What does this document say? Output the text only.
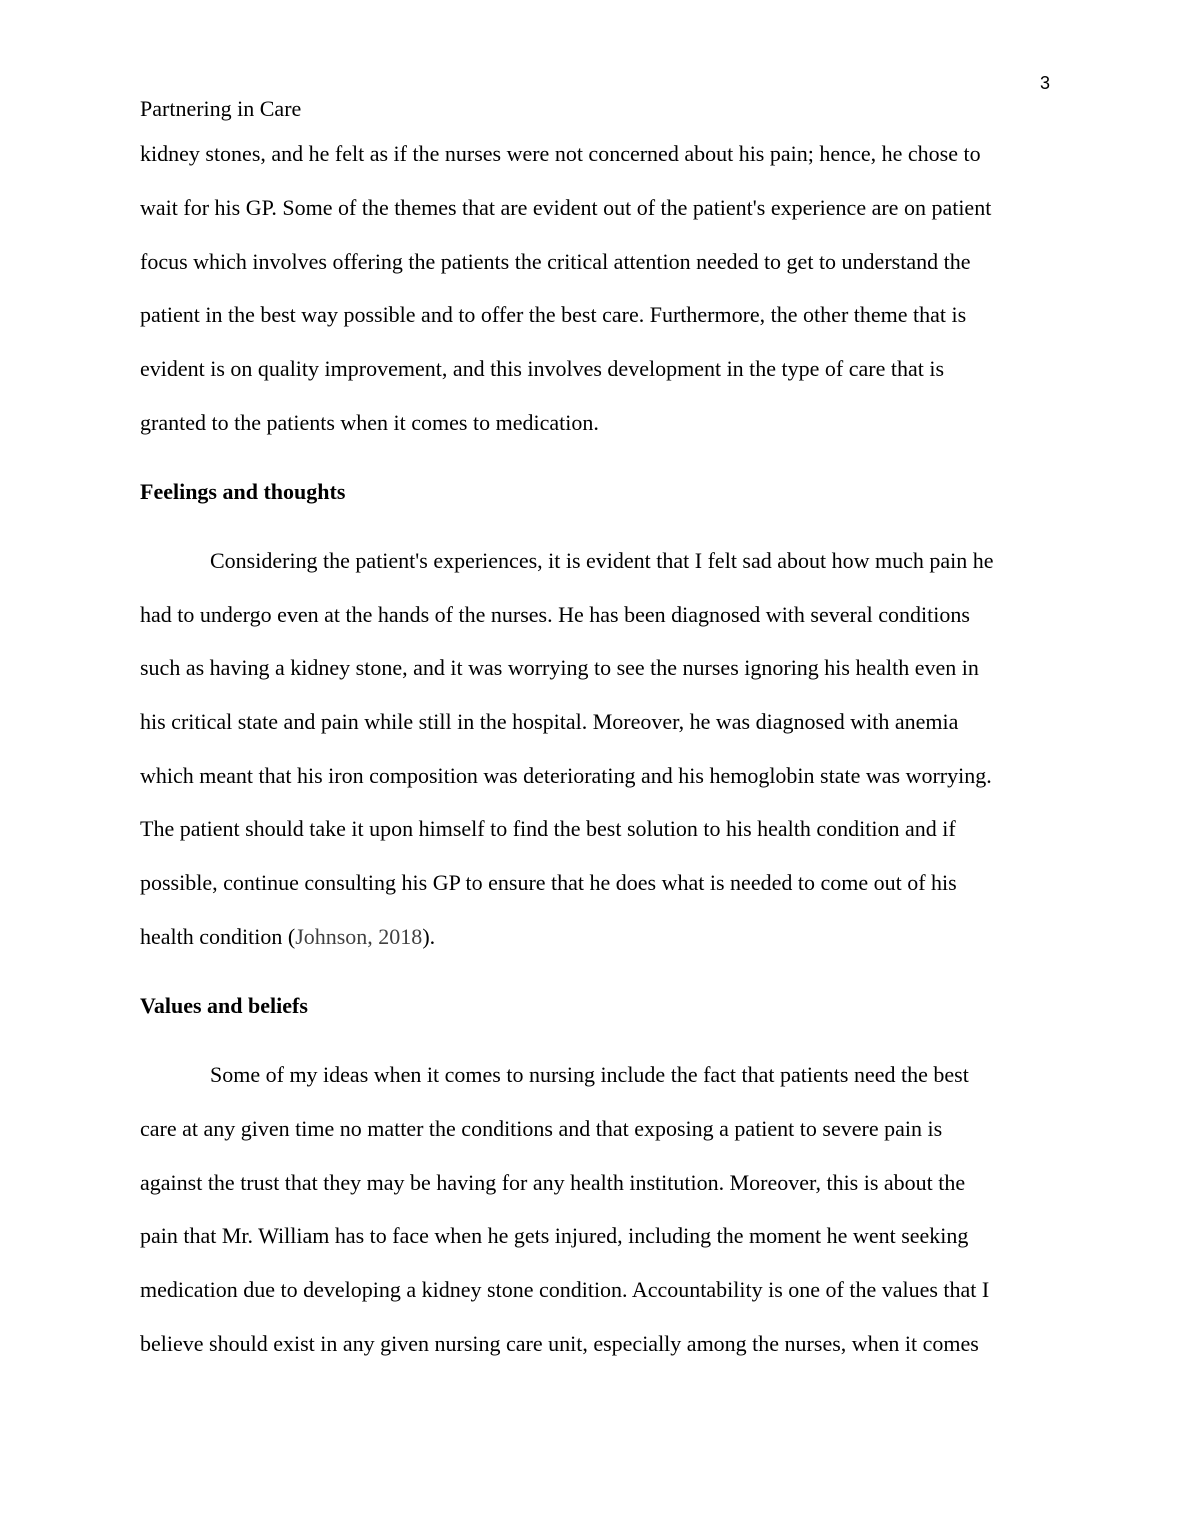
3
Partnering in Care
kidney stones, and he felt as if the nurses were not concerned about his pain; hence, he chose to
wait for his GP. Some of the themes that are evident out of the patient's experience are on patient
focus which involves offering the patients the critical attention needed to get to understand the
patient in the best way possible and to offer the best care. Furthermore, the other theme that is
evident is on quality improvement, and this involves development in the type of care that is
granted to the patients when it comes to medication.
Feelings and thoughts
Considering the patient's experiences, it is evident that I felt sad about how much pain he
had to undergo even at the hands of the nurses. He has been diagnosed with several conditions
such as having a kidney stone, and it was worrying to see the nurses ignoring his health even in
his critical state and pain while still in the hospital. Moreover, he was diagnosed with anemia
which meant that his iron composition was deteriorating and his hemoglobin state was worrying.
The patient should take it upon himself to find the best solution to his health condition and if
possible, continue consulting his GP to ensure that he does what is needed to come out of his
health condition (Johnson, 2018).
Values and beliefs
Some of my ideas when it comes to nursing include the fact that patients need the best
care at any given time no matter the conditions and that exposing a patient to severe pain is
against the trust that they may be having for any health institution. Moreover, this is about the
pain that Mr. William has to face when he gets injured, including the moment he went seeking
medication due to developing a kidney stone condition. Accountability is one of the values that I
believe should exist in any given nursing care unit, especially among the nurses, when it comes
